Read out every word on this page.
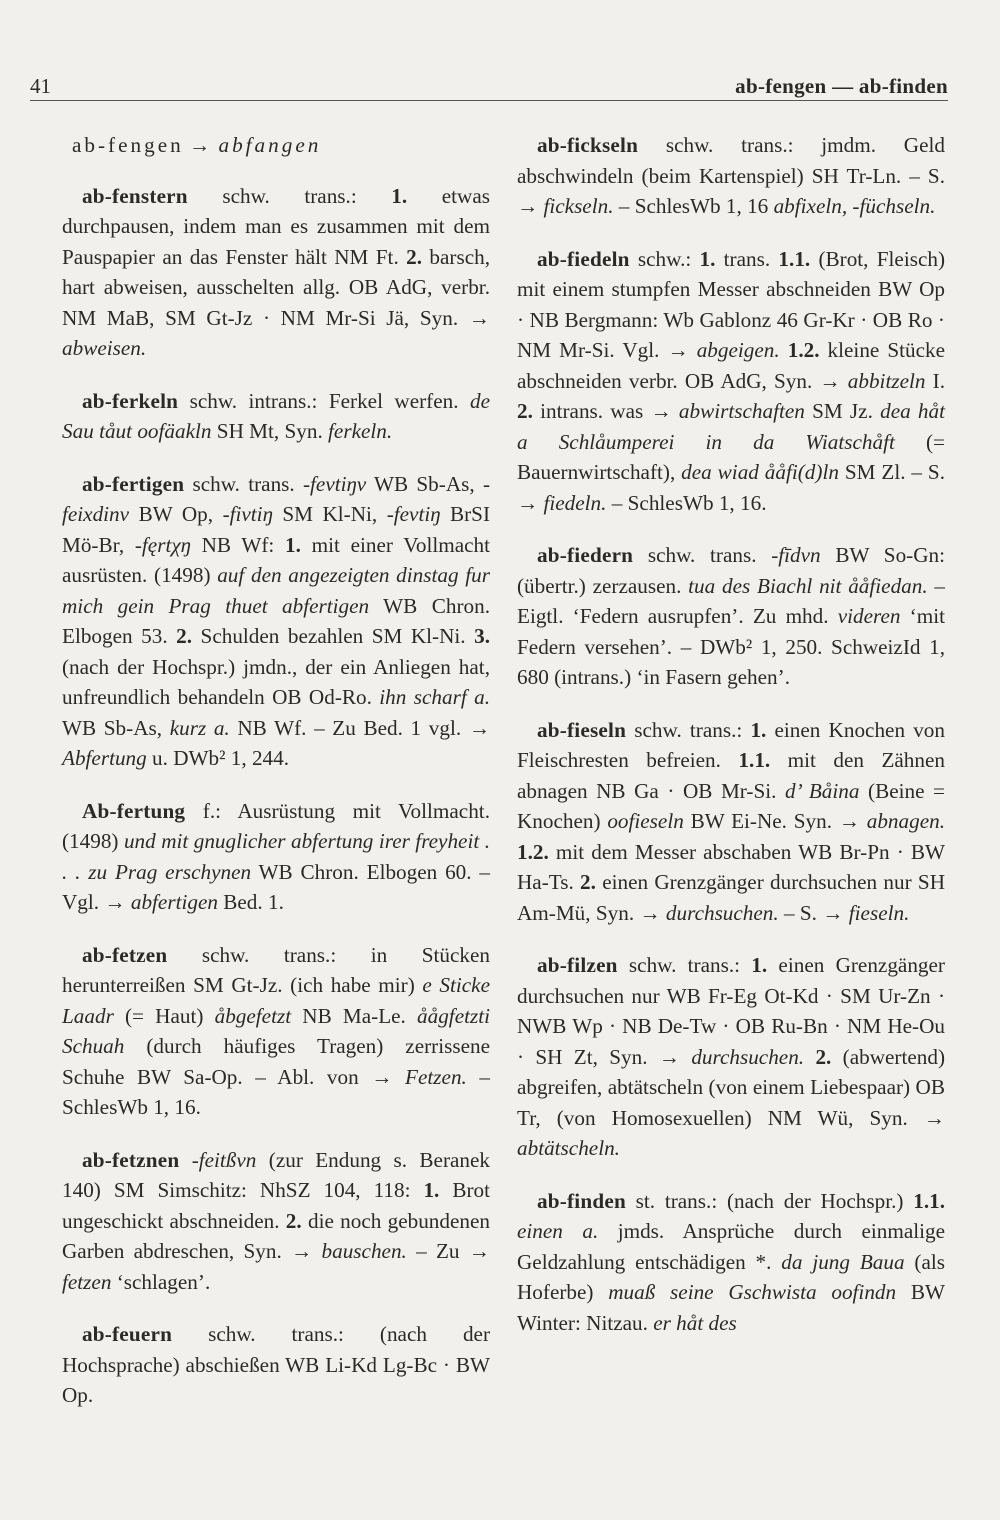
41	ab-fengen — ab-finden

ab-fengen → abfangen

ab-fenstern schw. trans.: 1. etwas durchpausen, indem man es zusammen mit dem Pauspapier an das Fenster hält NM Ft. 2. barsch, hart abweisen, ausschelten allg. OB AdG, verbr. NM MaB, SM Gt-Jz · NM Mr-Si Jä, Syn. → abweisen.

ab-ferkeln schw. intrans.: Ferkel werfen. de Sau tåut oofäakln SH Mt, Syn. ferkeln.

ab-fertigen schw. trans. -fevtiŋv WB Sb-As, -feixdinv BW Op, -fivtiŋ SM Kl-Ni, -fevtiŋ BrSI Mö-Br, -fęrtχŋ NB Wf: 1. mit einer Vollmacht ausrüsten. (1498) auf den angezeigten dinstag fur mich gein Prag thuet abfertigen WB Chron. Elbogen 53. 2. Schulden bezahlen SM Kl-Ni. 3. (nach der Hochspr.) jmdn., der ein Anliegen hat, unfreundlich behandeln OB Od-Ro. ihn scharf a. WB Sb-As, kurz a. NB Wf. – Zu Bed. 1 vgl. → Abfertung u. DWb² 1, 244.

Ab-fertung f.: Ausrüstung mit Vollmacht. (1498) und mit gnuglicher abfertung irer freyheit . . . zu Prag erschynen WB Chron. Elbogen 60. – Vgl. → abfertigen Bed. 1.

ab-fetzen schw. trans.: in Stücken herunterreißen SM Gt-Jz. (ich habe mir) e Sticke Laadr (= Haut) åbgefetzt NB Ma-Le. åågfetzti Schuah (durch häufiges Tragen) zerrissene Schuhe BW Sa-Op. – Abl. von → Fetzen. – SchlesWb 1, 16.

ab-fetznen -feitßvn (zur Endung s. Beranek 140) SM Simschitz: NhSZ 104, 118: 1. Brot ungeschickt abschneiden. 2. die noch gebundenen Garben abdreschen, Syn. → bauschen. – Zu → fetzen ‘schlagen’.

ab-feuern schw. trans.: (nach der Hochsprache) abschießen WB Li-Kd Lg-Bc · BW Op.

ab-fickseln schw. trans.: jmdm. Geld abschwindeln (beim Kartenspiel) SH Tr-Ln. – S. → fickseln. – SchlesWb 1, 16 abfixeln, -füchseln.

ab-fiedeln schw.: 1. trans. 1.1. (Brot, Fleisch) mit einem stumpfen Messer abschneiden BW Op · NB Bergmann: Wb Gablonz 46 Gr-Kr · OB Ro · NM Mr-Si. Vgl. → abgeigen. 1.2. kleine Stücke abschneiden verbr. OB AdG, Syn. → abbitzeln I. 2. intrans. was → abwirtschaften SM Jz. dea håt a Schlåumperei in da Wiatschåft (= Bauernwirtschaft), dea wiad ååfi(d)ln SM Zl. – S. → fiedeln. – SchlesWb 1, 16.

ab-fiedern schw. trans. -fīdvn BW So-Gn: (übertr.) zerzausen. tua des Biachl nit ååfiedan. – Eigtl. ‘Federn ausrupfen’. Zu mhd. videren ‘mit Federn versehen’. – DWb² 1, 250. SchweizId 1, 680 (intrans.) ‘in Fasern gehen’.

ab-fieseln schw. trans.: 1. einen Knochen von Fleischresten befreien. 1.1. mit den Zähnen abnagen NB Ga · OB Mr-Si. d’ Båina (Beine = Knochen) oofieseln BW Ei-Ne. Syn. → abnagen. 1.2. mit dem Messer abschaben WB Br-Pn · BW Ha-Ts. 2. einen Grenzgänger durchsuchen nur SH Am-Mü, Syn. → durchsuchen. – S. → fieseln.

ab-filzen schw. trans.: 1. einen Grenzgänger durchsuchen nur WB Fr-Eg Ot-Kd · SM Ur-Zn · NWB Wp · NB De-Tw · OB Ru-Bn · NM He-Ou · SH Zt, Syn. → durchsuchen. 2. (abwertend) abgreifen, abtätscheln (von einem Liebespaar) OB Tr, (von Homosexuellen) NM Wü, Syn. → abtätscheln.

ab-finden st. trans.: (nach der Hochspr.) 1.1. einen a. jmds. Ansprüche durch einmalige Geldzahlung entschädigen *. da jung Baua (als Hoferbe) muaß seine Gschwista oofindn BW Winter: Nitzau. er håt des
